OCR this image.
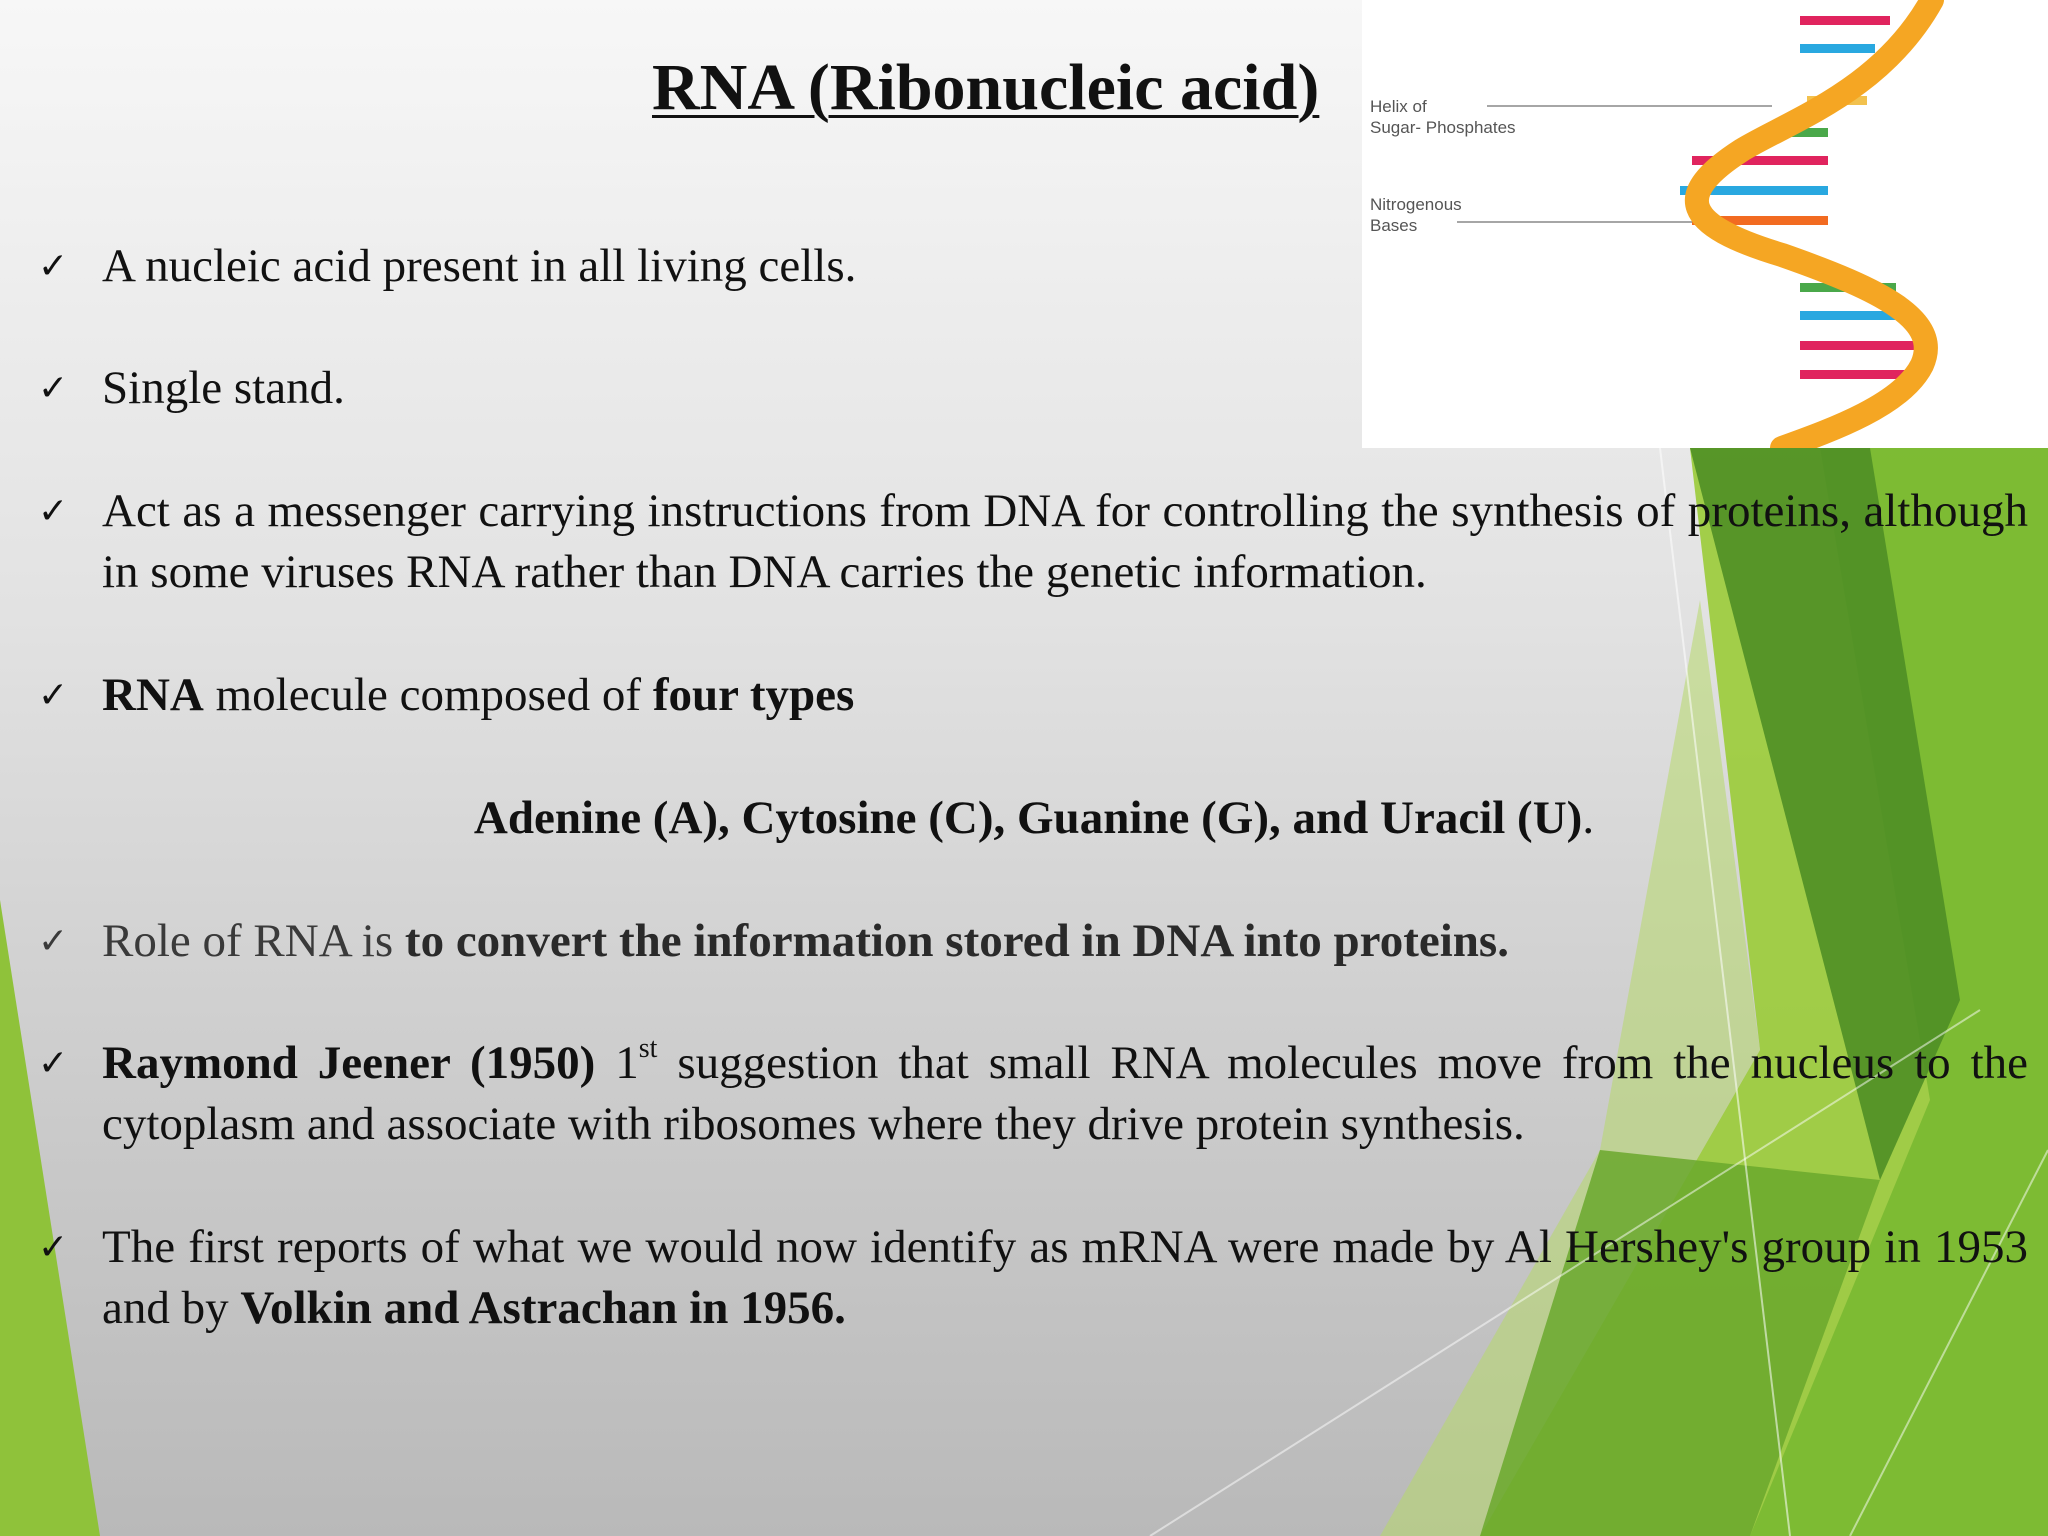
RNA (Ribonucleic acid)	Helix of
Sugar- Phosphates
Nitrogenous
Bases
✓ A nucleic acid present in all living cells.
✓ Single stand.
✓ Act as a messenger carrying instructions from DNA for controlling the synthesis of proteins, although in some viruses RNA rather than DNA carries the genetic information.
✓ RNA molecule composed of four types
Adenine (A), Cytosine (C), Guanine (G), and Uracil (U).
✓ Role of RNA is to convert the information stored in DNA into proteins.
✓ Raymond Jeener (1950) 1st suggestion that small RNA molecules move from the nucleus to the cytoplasm and associate with ribosomes where they drive protein synthesis.
✓ The first reports of what we would now identify as mRNA were made by Al Hershey's group in 1953 and by Volkin and Astrachan in 1956.
